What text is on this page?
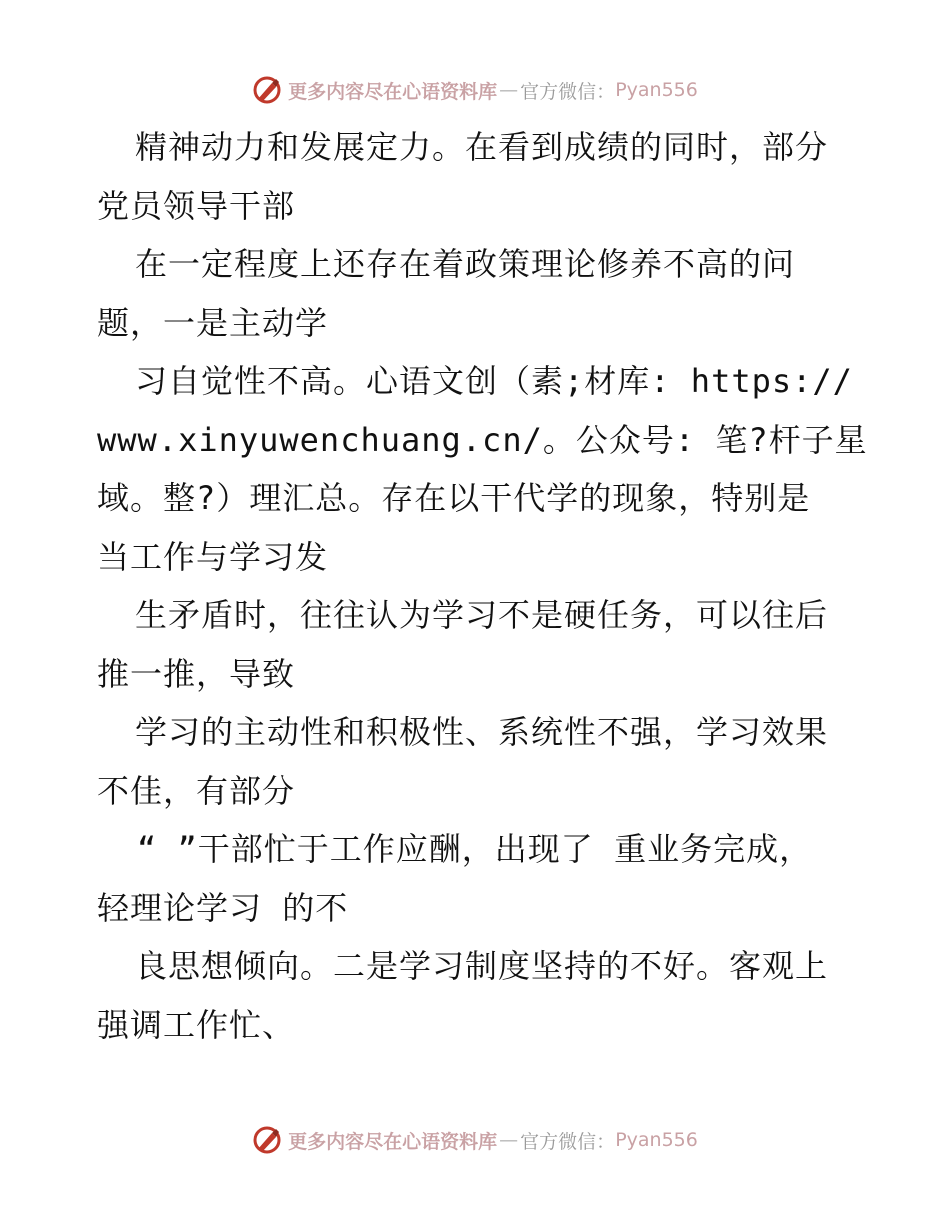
更多内容尽在心语资料库 — 官方微信： Pyan556
精神动力和发展定力。在看到成绩的同时，部分
党员领导干部
在一定程度上还存在着政策理论修养不高的问
题，一是主动学
习自觉性不高。心语文创（素;材库: https://
www.xinyuwenchuang.cn/。公众号: 笔?杆子星
域。整?）理汇总。存在以干代学的现象，特别是
当工作与学习发
生矛盾时，往往认为学习不是硬任务，可以往后
推一推，导致
学习的主动性和积极性、系统性不强，学习效果
不佳，有部分
“ ”干部忙于工作应酬，出现了 重业务完成，
轻理论学习 的不
良思想倾向。二是学习制度坚持的不好。客观上
强调工作忙、
更多内容尽在心语资料库 — 官方微信： Pyan556
